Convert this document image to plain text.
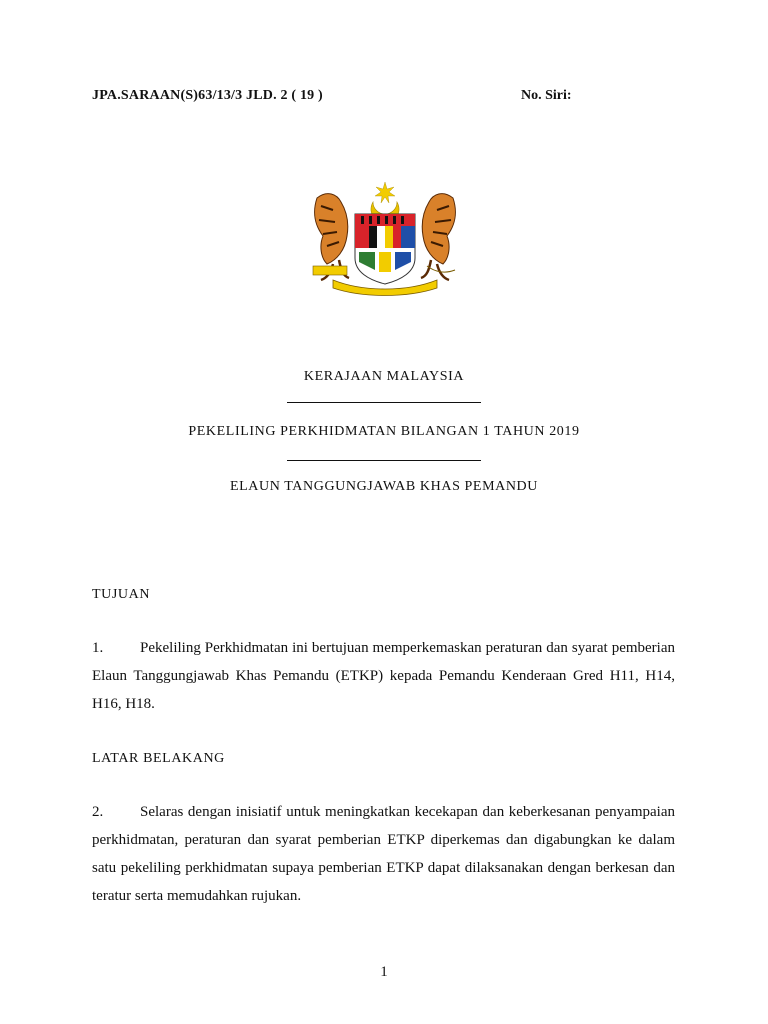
JPA.SARAAN(S)63/13/3 JLD. 2 ( 19 )	No. Siri:
KERAJAAN MALAYSIA
PEKELILING PERKHIDMATAN BILANGAN 1 TAHUN 2019
ELAUN TANGGUNGJAWAB KHAS PEMANDU
TUJUAN
1. Pekeliling Perkhidmatan ini bertujuan memperkemaskan peraturan dan syarat pemberian Elaun Tanggungjawab Khas Pemandu (ETKP) kepada Pemandu Kenderaan Gred H11, H14, H16, H18.
LATAR BELAKANG
2. Selaras dengan inisiatif untuk meningkatkan kecekapan dan keberkesanan penyampaian perkhidmatan, peraturan dan syarat pemberian ETKP diperkemas dan digabungkan ke dalam satu pekeliling perkhidmatan supaya pemberian ETKP dapat dilaksanakan dengan berkesan dan teratur serta memudahkan rujukan.
1
